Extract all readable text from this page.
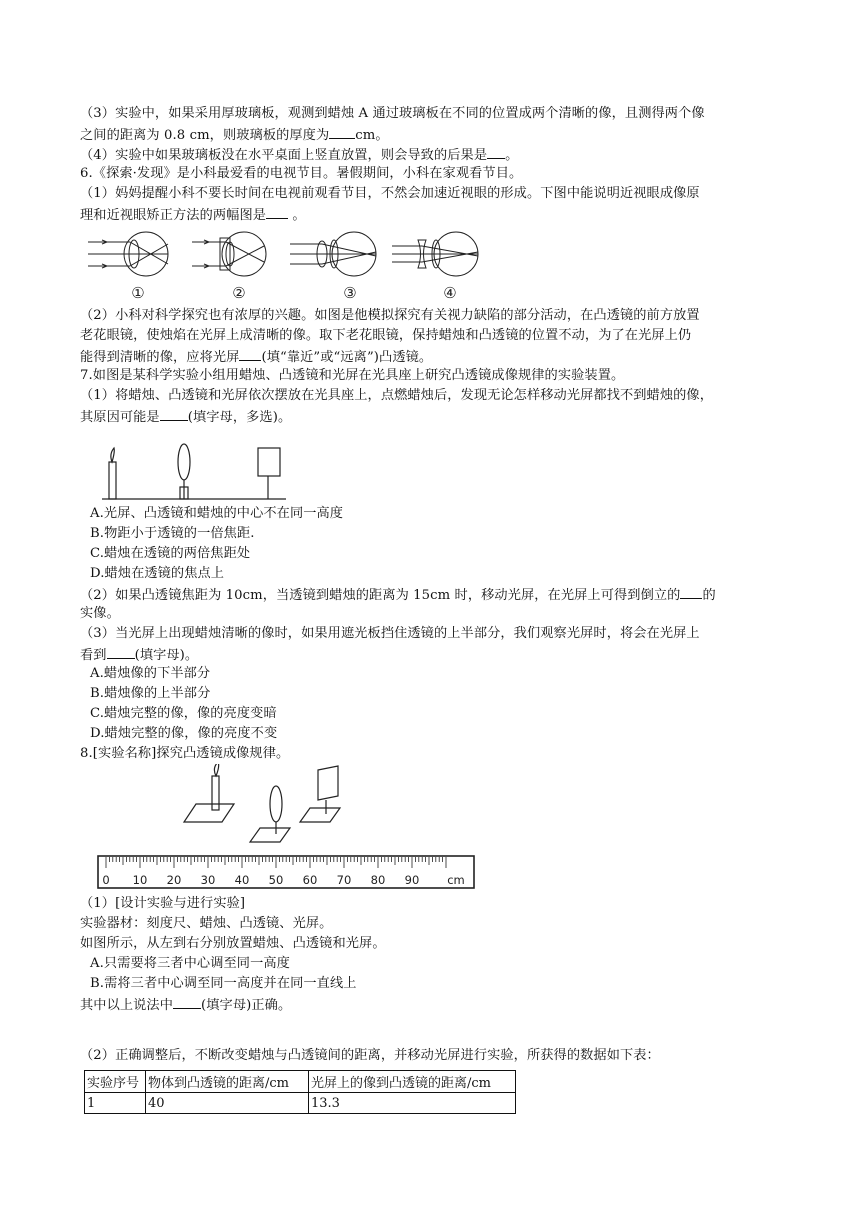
（3）实验中，如果采用厚玻璃板，观测到蜡烛 A 通过玻璃板在不同的位置成两个清晰的像，且测得两个像
之间的距离为 0.8 cm，则玻璃板的厚度为 cm。
（4）实验中如果玻璃板没在水平桌面上竖直放置，则会导致的后果是 。
6.《探索·发现》是小科最爱看的电视节目。暑假期间，小科在家观看节目。
（1）妈妈提醒小科不要长时间在电视前观看节目，不然会加速近视眼的形成。下图中能说明近视眼成像原
理和近视眼矫正方法的两幅图是 。
①	②	③	④
（2）小科对科学探究也有浓厚的兴趣。如图是他模拟探究有关视力缺陷的部分活动，在凸透镜的前方放置
老花眼镜，使烛焰在光屏上成清晰的像。取下老花眼镜，保持蜡烛和凸透镜的位置不动，为了在光屏上仍
能得到清晰的像，应将光屏 (填“靠近”或“远离”)凸透镜。
7.如图是某科学实验小组用蜡烛、凸透镜和光屏在光具座上研究凸透镜成像规律的实验装置。
（1）将蜡烛、凸透镜和光屏依次摆放在光具座上，点燃蜡烛后，发现无论怎样移动光屏都找不到蜡烛的像，
其原因可能是 (填字母，多选)。
A.光屏、凸透镜和蜡烛的中心不在同一高度
B.物距小于透镜的一倍焦距.
C.蜡烛在透镜的两倍焦距处
D.蜡烛在透镜的焦点上
（2）如果凸透镜焦距为 10cm，当透镜到蜡烛的距离为 15cm 时，移动光屏，在光屏上可得到倒立的 的
实像。
（3）当光屏上出现蜡烛清晰的像时，如果用遮光板挡住透镜的上半部分，我们观察光屏时，将会在光屏上
看到 (填字母)。
A.蜡烛像的下半部分
B.蜡烛像的上半部分
C.蜡烛完整的像，像的亮度变暗
D.蜡烛完整的像，像的亮度不变
8.[实验名称]探究凸透镜成像规律。
0 10 20 30 40 50 60 70 80 90 cm
（1）[设计实验与进行实验]
实验器材：刻度尺、蜡烛、凸透镜、光屏。
如图所示，从左到右分别放置蜡烛、凸透镜和光屏。
A.只需要将三者中心调至同一高度
B.需将三者中心调至同一高度并在同一直线上
其中以上说法中 (填字母)正确。
（2）正确调整后，不断改变蜡烛与凸透镜间的距离，并移动光屏进行实验，所获得的数据如下表：
实验序号	物体到凸透镜的距离/cm	光屏上的像到凸透镜的距离/cm
1	40	13.3
